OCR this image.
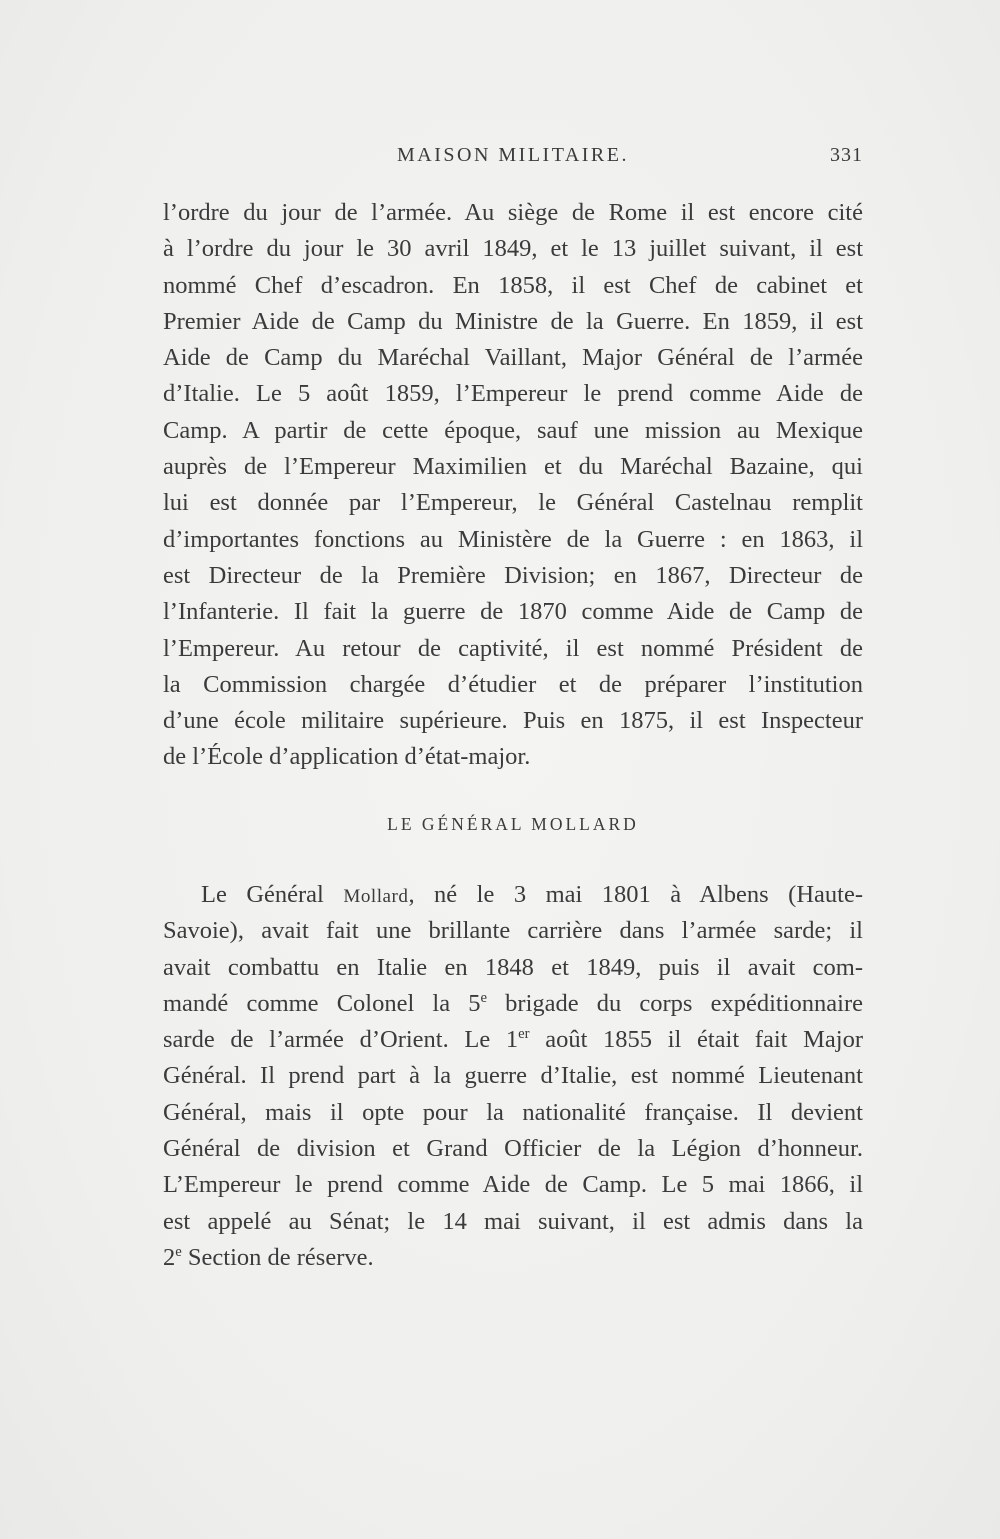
MAISON MILITAIRE.	331
l’ordre du jour de l’armée. Au siège de Rome il est encore cité
à l’ordre du jour le 30 avril 1849, et le 13 juillet suivant, il est
nommé Chef d’escadron. En 1858, il est Chef de cabinet et
Premier Aide de Camp du Ministre de la Guerre. En 1859, il est
Aide de Camp du Maréchal Vaillant, Major Général de l’armée
d’Italie. Le 5 août 1859, l’Empereur le prend comme Aide de
Camp. A partir de cette époque, sauf une mission au Mexique
auprès de l’Empereur Maximilien et du Maréchal Bazaine, qui
lui est donnée par l’Empereur, le Général Castelnau remplit
d’importantes fonctions au Ministère de la Guerre : en 1863, il
est Directeur de la Première Division; en 1867, Directeur de
l’Infanterie. Il fait la guerre de 1870 comme Aide de Camp de
l’Empereur. Au retour de captivité, il est nommé Président de
la Commission chargée d’étudier et de préparer l’institution
d’une école militaire supérieure. Puis en 1875, il est Inspecteur
de l’École d’application d’état-major.
LE GÉNÉRAL MOLLARD
Le Général Mollard, né le 3 mai 1801 à Albens (Haute-
Savoie), avait fait une brillante carrière dans l’armée sarde; il
avait combattu en Italie en 1848 et 1849, puis il avait com-
mandé comme Colonel la 5e brigade du corps expéditionnaire
sarde de l’armée d’Orient. Le 1er août 1855 il était fait Major
Général. Il prend part à la guerre d’Italie, est nommé Lieutenant
Général, mais il opte pour la nationalité française. Il devient
Général de division et Grand Officier de la Légion d’honneur.
L’Empereur le prend comme Aide de Camp. Le 5 mai 1866, il
est appelé au Sénat; le 14 mai suivant, il est admis dans la
2e Section de réserve.
